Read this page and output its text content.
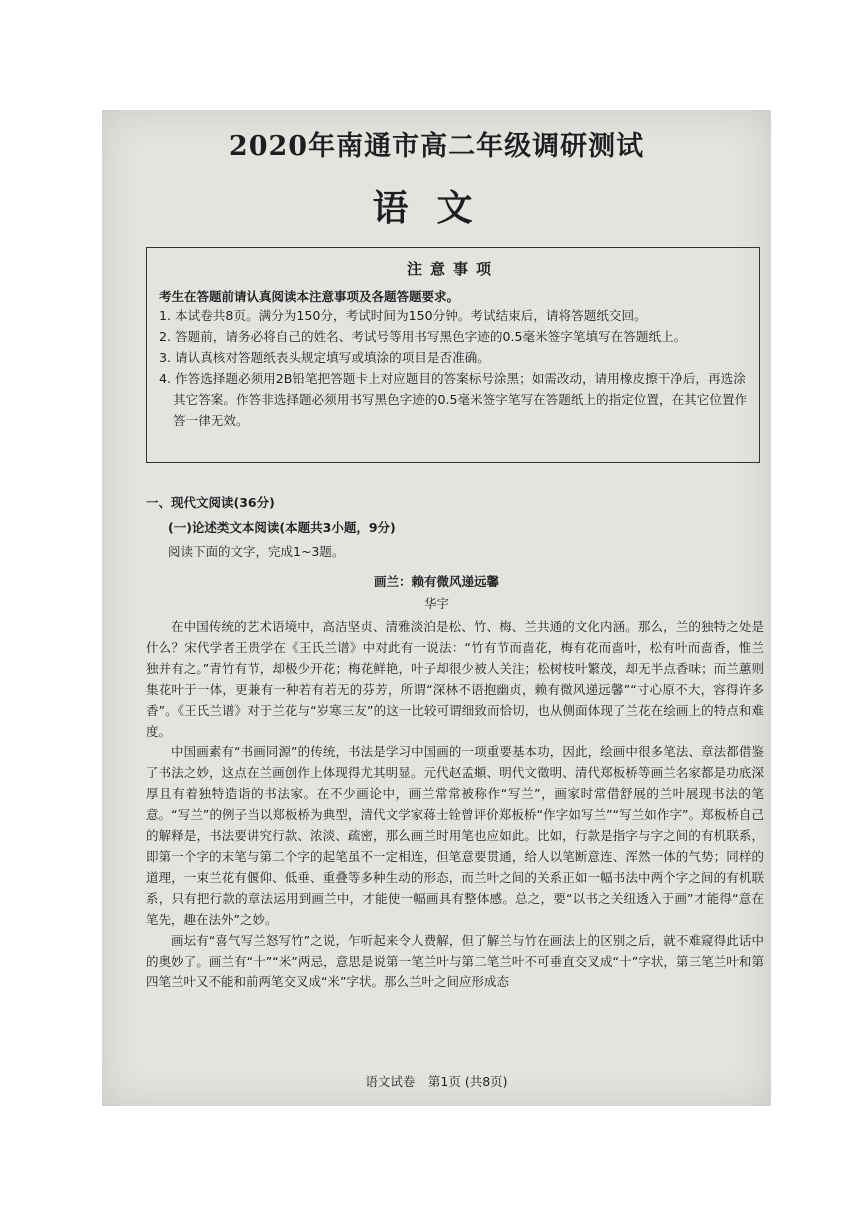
2020年南通市高二年级调研测试
语文
注意事项
考生在答题前请认真阅读本注意事项及各题答题要求。
1. 本试卷共8页。满分为150分，考试时间为150分钟。考试结束后，请将答题纸交回。
2. 答题前，请务必将自己的姓名、考试号等用书写黑色字迹的0.5毫米签字笔填写在答题纸上。
3. 请认真核对答题纸表头规定填写或填涂的项目是否准确。
4. 作答选择题必须用2B铅笔把答题卡上对应题目的答案标号涂黑；如需改动，请用橡皮擦干净后，再选涂其它答案。作答非选择题必须用书写黑色字迹的0.5毫米签字笔写在答题纸上的指定位置，在其它位置作答一律无效。
一、现代文阅读(36分)
(一)论述类文本阅读(本题共3小题，9分)
阅读下面的文字，完成1~3题。
画兰：赖有微风递远馨
华宇

在中国传统的艺术语境中，高洁坚贞、清雅淡泊是松、竹、梅、兰共通的文化内涵。那么，兰的独特之处是什么？宋代学者王贵学在《王氏兰谱》中对此有一说法：“竹有节而啬花，梅有花而啬叶，松有叶而啬香，惟兰独并有之。”青竹有节，却极少开花；梅花鲜艳，叶子却很少被人关注；松树枝叶繁茂，却无半点香味；而兰蕙则集花叶于一体，更兼有一种若有若无的芬芳，所谓“深林不语抱幽贞，赖有微风递远馨”“寸心原不大，容得许多香”。《王氏兰谱》对于兰花与“岁寒三友”的这一比较可谓细致而恰切，也从侧面体现了兰花在绘画上的特点和难度。

中国画素有“书画同源”的传统，书法是学习中国画的一项重要基本功，因此，绘画中很多笔法、章法都借鉴了书法之妙，这点在兰画创作上体现得尤其明显。元代赵孟頫、明代文徵明、清代郑板桥等画兰名家都是功底深厚且有着独特造诣的书法家。在不少画论中，画兰常常被称作“写兰”，画家时常借舒展的兰叶展现书法的笔意。“写兰”的例子当以郑板桥为典型，清代文学家蒋士铨曾评价郑板桥“作字如写兰”“写兰如作字”。郑板桥自己的解释是，书法要讲究行款、浓淡、疏密，那么画兰时用笔也应如此。比如，行款是指字与字之间的有机联系，即第一个字的末笔与第二个字的起笔虽不一定相连，但笔意要贯通，给人以笔断意连、浑然一体的气势；同样的道理，一束兰花有偃仰、低垂、重叠等多种生动的形态，而兰叶之间的关系正如一幅书法中两个字之间的有机联系，只有把行款的章法运用到画兰中，才能使一幅画具有整体感。总之，要“以书之关纽透入于画”才能得“意在笔先，趣在法外”之妙。

画坛有“喜气写兰怒写竹”之说，乍听起来令人费解，但了解兰与竹在画法上的区别之后，就不难窥得此话中的奥妙了。画兰有“十”“米”两忌，意思是说第一笔兰叶与第二笔兰叶不可垂直交叉成“十”字状，第三笔兰叶和第四笔兰叶又不能和前两笔交叉成“米”字状。那么兰叶之间应形成态

语文试卷　第1页 (共8页)
